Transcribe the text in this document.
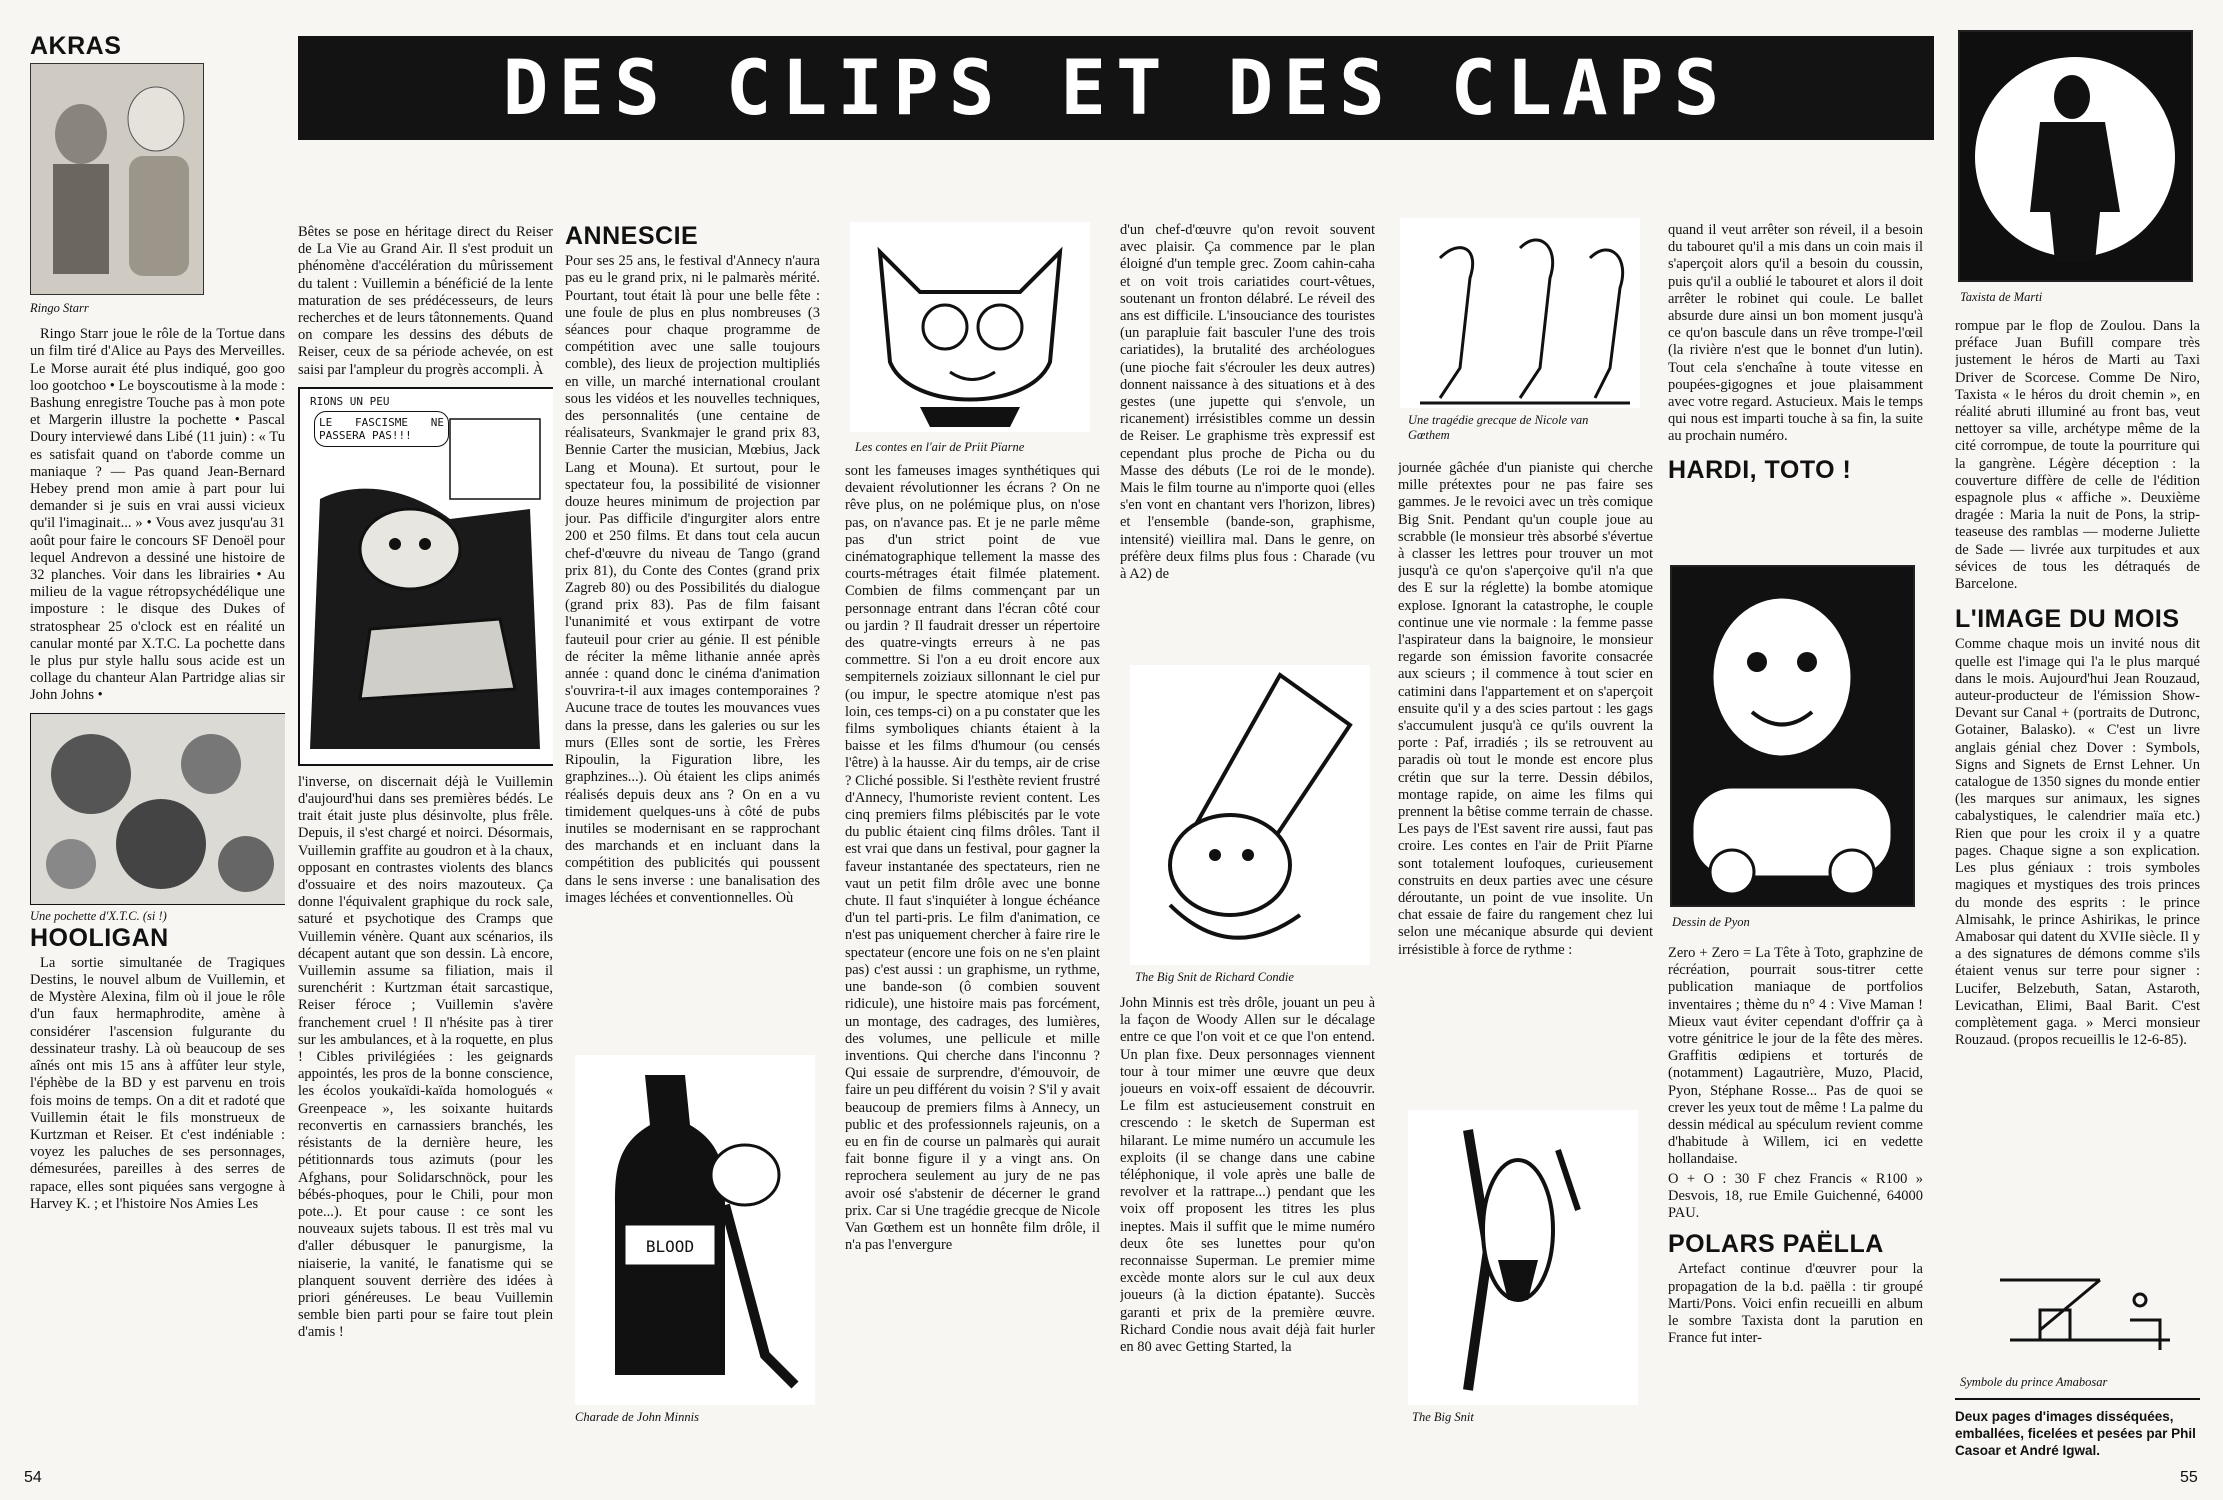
DES CLIPS ET DES CLAPS
AKRAS
Ringo Starr

Ringo Starr joue le rôle de la Tortue dans un film tiré d'Alice au Pays des Merveilles. Le Morse aurait été plus indiqué, goo goo loo gootchoo • Le boyscoutisme à la mode : Bashung enregistre Touche pas à mon pote et Margerin illustre la pochette • Pascal Doury interviewé dans Libé (11 juin) : « Tu es satisfait quand on t'aborde comme un maniaque ? — Pas quand Jean-Bernard Hebey prend mon amie à part pour lui demander si je suis en vrai aussi vicieux qu'il l'imaginait... » • Vous avez jusqu'au 31 août pour faire le concours SF Denoël pour lequel Andrevon a dessiné une histoire de 32 planches. Voir dans les librairies • Au milieu de la vague rétropsychédélique une imposture : le disque des Dukes of stratosphear 25 o'clock est en réalité un canular monté par X.T.C. La pochette dans le plus pur style hallu sous acide est un collage du chanteur Alan Partridge alias sir John Johns •

Une pochette d'X.T.C. (si !)
HOOLIGAN

La sortie simultanée de Tragiques Destins, le nouvel album de Vuillemin, et de Mystère Alexina, film où il joue le rôle d'un faux hermaphrodite, amène à considérer l'ascension fulgurante du dessinateur trashy. Là où beaucoup de ses aînés ont mis 15 ans à affûter leur style, l'éphèbe de la BD y est parvenu en trois fois moins de temps. On a dit et radoté que Vuillemin était le fils monstrueux de Kurtzman et Reiser. Et c'est indéniable : voyez les paluches de ses personnages, démesurées, pareilles à des serres de rapace, elles sont piquées sans vergogne à Harvey K. ; et l'histoire Nos Amies Les

Bêtes se pose en héritage direct du Reiser de La Vie au Grand Air. Il s'est produit un phénomène d'accélération du mûrissement du talent : Vuillemin a bénéficié de la lente maturation de ses prédécesseurs, de leurs recherches et de leurs tâtonnements. Quand on compare les dessins des débuts de Reiser, ceux de sa période achevée, on est saisi par l'ampleur du progrès accompli. À

RIONS UN PEU
LE FASCISME NE PASSERA PAS!!!

l'inverse, on discernait déjà le Vuillemin d'aujourd'hui dans ses premières bédés. Le trait était juste plus désinvolte, plus frêle. Depuis, il s'est chargé et noirci. Désormais, Vuillemin graffite au goudron et à la chaux, opposant en contrastes violents des blancs d'ossuaire et des noirs mazouteux. Ça donne l'équivalent graphique du rock sale, saturé et psychotique des Cramps que Vuillemin vénère. Quant aux scénarios, ils décapent autant que son dessin. Là encore, Vuillemin assume sa filiation, mais il surenchérit : Kurtzman était sarcastique, Reiser féroce ; Vuillemin s'avère franchement cruel ! Il n'hésite pas à tirer sur les ambulances, et à la roquette, en plus ! Cibles privilégiées : les geignards appointés, les pros de la bonne conscience, les écolos youkaïdi-kaïda homologués « Greenpeace », les soixante huitards reconvertis en carnassiers branchés, les résistants de la dernière heure, les pétitionnards tous azimuts (pour les Afghans, pour Solidarschnöck, pour les bébés-phoques, pour le Chili, pour mon pote...). Et pour cause : ce sont les nouveaux sujets tabous. Il est très mal vu d'aller débusquer le panurgisme, la niaiserie, la vanité, le fanatisme qui se planquent souvent derrière des idées à priori généreuses. Le beau Vuillemin semble bien parti pour se faire tout plein d'amis !

ANNESCIE

Pour ses 25 ans, le festival d'Annecy n'aura pas eu le grand prix, ni le palmarès mérité. Pourtant, tout était là pour une belle fête : une foule de plus en plus nombreuses (3 séances pour chaque programme de compétition avec une salle toujours comble), des lieux de projection multipliés en ville, un marché international croulant sous les vidéos et les nouvelles techniques, des personnalités (une centaine de réalisateurs, Svankmajer le grand prix 83, Bennie Carter the musician, Mœbius, Jack Lang et Mouna). Et surtout, pour le spectateur fou, la possibilité de visionner douze heures minimum de projection par jour. Pas difficile d'ingurgiter alors entre 200 et 250 films. Et dans tout cela aucun chef-d'œuvre du niveau de Tango (grand prix 81), du Conte des Contes (grand prix Zagreb 80) ou des Possibilités du dialogue (grand prix 83). Pas de film faisant l'unanimité et vous extirpant de votre fauteuil pour crier au génie. Il est pénible de réciter la même lithanie année après année : quand donc le cinéma d'animation s'ouvrira-t-il aux images contemporaines ? Aucune trace de toutes les mouvances vues dans la presse, dans les galeries ou sur les murs (Elles sont de sortie, les Frères Ripoulin, la Figuration libre, les graphzines...). Où étaient les clips animés réalisés depuis deux ans ? On en a vu timidement quelques-uns à côté de pubs inutiles se modernisant en se rapprochant des marchands et en incluant dans la compétition des publicités qui poussent dans le sens inverse : une banalisation des images léchées et conventionnelles. Où

BLOOD
Charade de John Minnis
Les contes en l'air de Priit Pïarne

sont les fameuses images synthétiques qui devaient révolutionner les écrans ? On ne rêve plus, on ne polémique plus, on n'ose pas, on n'avance pas. Et je ne parle même pas d'un strict point de vue cinématographique tellement la masse des courts-métrages était filmée platement. Combien de films commençant par un personnage entrant dans l'écran côté cour ou jardin ? Il faudrait dresser un répertoire des quatre-vingts erreurs à ne pas commettre. Si l'on a eu droit encore aux sempiternels zoiziaux sillonnant le ciel pur (ou impur, le spectre atomique n'est pas loin, ces temps-ci) on a pu constater que les films symboliques chiants étaient à la baisse et les films d'humour (ou censés l'être) à la hausse. Air du temps, air de crise ? Cliché possible. Si l'esthète revient frustré d'Annecy, l'humoriste revient content. Les cinq premiers films plébiscités par le vote du public étaient cinq films drôles. Tant il est vrai que dans un festival, pour gagner la faveur instantanée des spectateurs, rien ne vaut un petit film drôle avec une bonne chute. Il faut s'inquiéter à longue échéance d'un tel parti-pris. Le film d'animation, ce n'est pas uniquement chercher à faire rire le spectateur (encore une fois on ne s'en plaint pas) c'est aussi : un graphisme, un rythme, une bande-son (ô combien souvent ridicule), une histoire mais pas forcément, un montage, des cadrages, des lumières, des volumes, une pellicule et mille inventions. Qui cherche dans l'inconnu ? Qui essaie de surprendre, d'émouvoir, de faire un peu différent du voisin ? S'il y avait beaucoup de premiers films à Annecy, un public et des professionnels rajeunis, on a eu en fin de course un palmarès qui aurait fait bonne figure il y a vingt ans. On reprochera seulement au jury de ne pas avoir osé s'abstenir de décerner le grand prix. Car si Une tragédie grecque de Nicole Van Gœthem est un honnête film drôle, il n'a pas l'envergure

54

d'un chef-d'œuvre qu'on revoit souvent avec plaisir. Ça commence par le plan éloigné d'un temple grec. Zoom cahin-caha et on voit trois cariatides court-vêtues, soutenant un fronton délabré. Le réveil des ans est difficile. L'insouciance des touristes (un parapluie fait basculer l'une des trois cariatides), la brutalité des archéologues (une pioche fait s'écrouler les deux autres) donnent naissance à des situations et à des gestes (une jupette qui s'envole, un ricanement) irrésistibles comme un dessin de Reiser. Le graphisme très expressif est cependant plus proche de Picha ou du Masse des débuts (Le roi de le monde). Mais le film tourne au n'importe quoi (elles s'en vont en chantant vers l'horizon, libres) et l'ensemble (bande-son, graphisme, intensité) vieillira mal. Dans le genre, on préfère deux films plus fous : Charade (vu à A2) de

The Big Snit de Richard Condie

John Minnis est très drôle, jouant un peu à la façon de Woody Allen sur le décalage entre ce que l'on voit et ce que l'on entend. Un plan fixe. Deux personnages viennent tour à tour mimer une œuvre que deux joueurs en voix-off essaient de découvrir. Le film est astucieusement construit en crescendo : le sketch de Superman est hilarant. Le mime numéro un accumule les exploits (il se change dans une cabine téléphonique, il vole après une balle de revolver et la rattrape...) pendant que les voix off proposent les titres les plus ineptes. Mais il suffit que le mime numéro deux ôte ses lunettes pour qu'on reconnaisse Superman. Le premier mime excède monte alors sur le cul aux deux joueurs (à la diction épatante). Succès garanti et prix de la première œuvre. Richard Condie nous avait déjà fait hurler en 80 avec Getting Started, la

Une tragédie grecque de Nicole van Gœthem

journée gâchée d'un pianiste qui cherche mille prétextes pour ne pas faire ses gammes. Je le revoici avec un très comique Big Snit. Pendant qu'un couple joue au scrabble (le monsieur très absorbé s'évertue à classer les lettres pour trouver un mot jusqu'à ce qu'on s'aperçoive qu'il n'a que des E sur la réglette) la bombe atomique explose. Ignorant la catastrophe, le couple continue une vie normale : la femme passe l'aspirateur dans la baignoire, le monsieur regarde son émission favorite consacrée aux scieurs ; il commence à tout scier en catimini dans l'appartement et on s'aperçoit ensuite qu'il y a des scies partout : les gags s'accumulent jusqu'à ce qu'ils ouvrent la porte : Paf, irradiés ; ils se retrouvent au paradis où tout le monde est encore plus crétin que sur la terre. Dessin débilos, montage rapide, on aime les films qui prennent la bêtise comme terrain de chasse. Les pays de l'Est savent rire aussi, faut pas croire. Les contes en l'air de Priit Pïarne sont totalement loufoques, curieusement construits en deux parties avec une césure déroutante, un point de vue insolite. Un chat essaie de faire du rangement chez lui selon une mécanique absurde qui devient irrésistible à force de rythme :

The Big Snit

quand il veut arrêter son réveil, il a besoin du tabouret qu'il a mis dans un coin mais il s'aperçoit alors qu'il a besoin du coussin, puis qu'il a oublié le tabouret et alors il doit arrêter le robinet qui coule. Le ballet absurde dure ainsi un bon moment jusqu'à ce qu'on bascule dans un rêve trompe-l'œil (la rivière n'est que le bonnet d'un lutin). Tout cela s'enchaîne à toute vitesse en poupées-gigognes et joue plaisamment avec votre regard. Astucieux. Mais le temps qui nous est imparti touche à sa fin, la suite au prochain numéro.

HARDI, TOTO !
Dessin de Pyon

Zero + Zero = La Tête à Toto, graphzine de récréation, pourrait sous-titrer cette publication maniaque de portfolios inventaires ; thème du n° 4 : Vive Maman ! Mieux vaut éviter cependant d'offrir ça à votre génitrice le jour de la fête des mères. Graffitis œdipiens et torturés de (notamment) Lagautrière, Muzo, Placid, Pyon, Stéphane Rosse... Pas de quoi se crever les yeux tout de même ! La palme du dessin médical au spéculum revient comme d'habitude à Willem, ici en vedette hollandaise.

O + O : 30 F chez Francis « R100 » Desvois, 18, rue Emile Guichenné, 64000 PAU.

POLARS PAËLLA

Artefact continue d'œuvrer pour la propagation de la b.d. paëlla : tir groupé Marti/Pons. Voici enfin recueilli en album le sombre Taxista dont la parution en France fut inter-

Taxista de Marti

rompue par le flop de Zoulou. Dans la préface Juan Bufill compare très justement le héros de Marti au Taxi Driver de Scorcese. Comme De Niro, Taxista « le héros du droit chemin », en réalité abruti illuminé au front bas, veut nettoyer sa ville, archétype même de la cité corrompue, de toute la pourriture qui la gangrène. Légère déception : la couverture diffère de celle de l'édition espagnole plus « affiche ». Deuxième dragée : Maria la nuit de Pons, la strip-teaseuse des ramblas — moderne Juliette de Sade — livrée aux turpitudes et aux sévices de tous les détraqués de Barcelone.

L'IMAGE DU MOIS

Comme chaque mois un invité nous dit quelle est l'image qui l'a le plus marqué dans le mois. Aujourd'hui Jean Rouzaud, auteur-producteur de l'émission Show-Devant sur Canal + (portraits de Dutronc, Gotainer, Balasko). « C'est un livre anglais génial chez Dover : Symbols, Signs and Signets de Ernst Lehner. Un catalogue de 1350 signes du monde entier (les marques sur animaux, les signes cabalystiques, le calendrier maïa etc.) Rien que pour les croix il y a quatre pages. Chaque signe a son explication. Les plus géniaux : trois symboles magiques et mystiques des trois princes du monde des esprits : le prince Almisahk, le prince Ashirikas, le prince Amabosar qui datent du XVIIe siècle. Il y a des signatures de démons comme s'ils étaient venus sur terre pour signer : Lucifer, Belzebuth, Satan, Astaroth, Levicathan, Elimi, Baal Barit. C'est complètement gaga. » Merci monsieur Rouzaud. (propos recueillis le 12-6-85).

Symbole du prince Amabosar
Deux pages d'images disséquées, emballées, ficelées et pesées par Phil Casoar et André Igwal.
55
